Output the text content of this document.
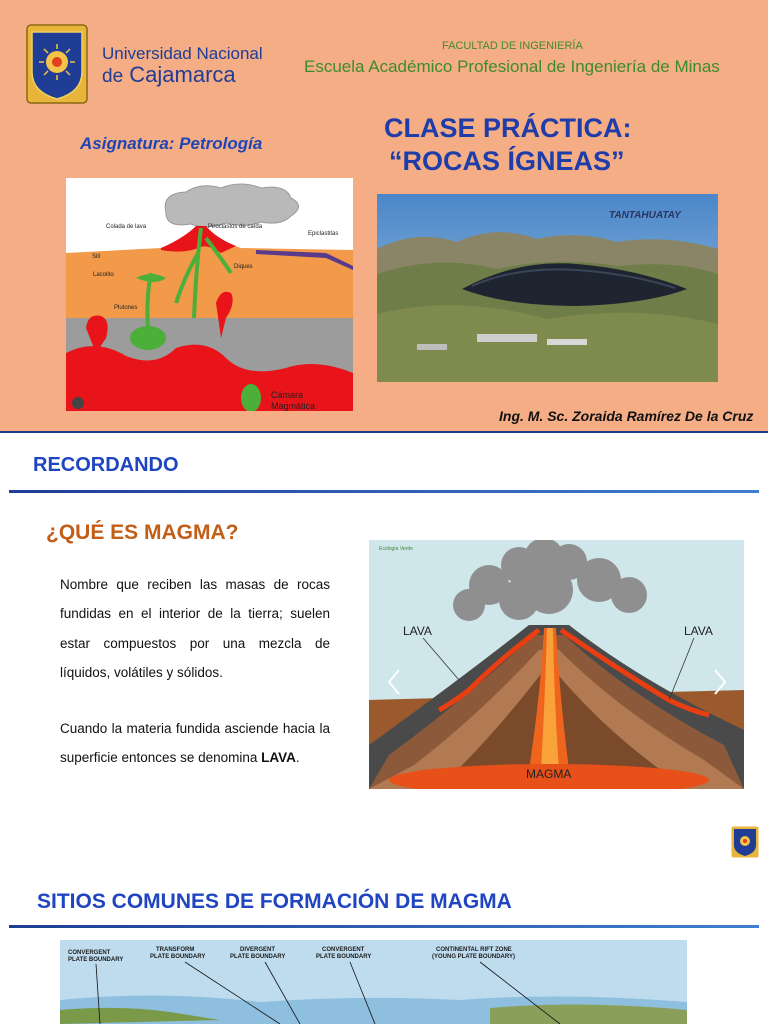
Universidad Nacional
de Cajamarca
FACULTAD DE INGENIERÍA
Escuela Académico Profesional de Ingeniería de Minas
Asignatura: Petrología
CLASE PRÁCTICA:
“ROCAS ÍGNEAS”
Colada de lava	Piroclastos de caída
Epiclastitas
Sill
Lacolito
Diques
Plutones
Cámara
Magmática
TANTAHUATAY
Ing. M. Sc. Zoraida Ramírez De la Cruz
RECORDANDO
¿QUÉ ES MAGMA?
Nombre que reciben las masas de rocas fundidas en el interior de la tierra; suelen estar compuestos por una mezcla de líquidos, volátiles y sólidos.
Cuando la materia fundida asciende hacia la superficie entonces se denomina LAVA.
LAVA	LAVA
MAGMA
Ecología Verde
SITIOS COMUNES DE FORMACIÓN DE MAGMA
CONVERGENT
PLATE BOUNDARY
TRANSFORM
PLATE BOUNDARY
DIVERGENT
PLATE BOUNDARY
CONVERGENT
PLATE BOUNDARY
CONTINENTAL RIFT ZONE
(YOUNG PLATE BOUNDARY)
